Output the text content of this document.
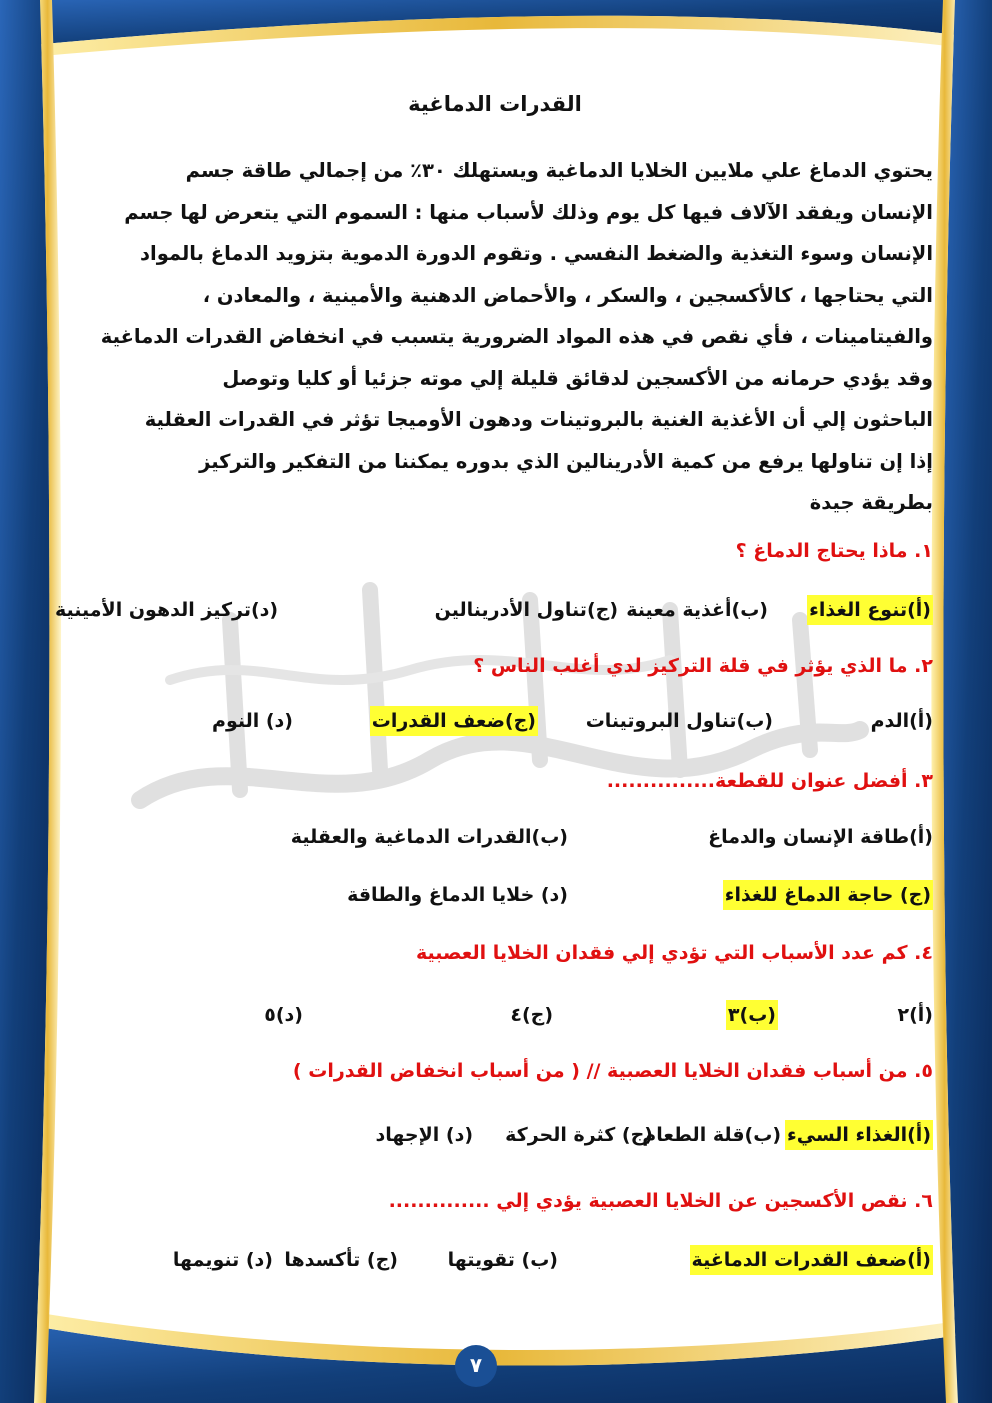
القدرات الدماغية
يحتوي الدماغ علي ملايين الخلايا الدماغية ويستهلك ٣٠٪ من إجمالي طاقة جسم
الإنسان ويفقد الآلاف فيها كل يوم وذلك لأسباب منها : السموم التي يتعرض لها جسم
الإنسان وسوء التغذية والضغط النفسي . وتقوم الدورة الدموية بتزويد الدماغ بالمواد
التي يحتاجها ، كالأكسجين ، والسكر ، والأحماض الدهنية والأمينية ، والمعادن ،
والفيتامينات ، فأي نقص في هذه المواد الضرورية يتسبب في انخفاض القدرات الدماغية
وقد يؤدي حرمانه من الأكسجين لدقائق قليلة إلي موته جزئيا أو كليا وتوصل
الباحثون إلي أن الأغذية الغنية بالبروتينات ودهون الأوميجا تؤثر في القدرات العقلية
إذا إن تناولها يرفع من كمية الأدرينالين الذي بدوره يمكننا من التفكير والتركيز
بطريقة جيدة
١. ماذا يحتاج الدماغ ؟
(أ)تنوع الغذاء
(ب)أغذية معينة
(ج)تناول الأدرينالين
(د)تركيز الدهون الأمينية
٢. ما الذي يؤثر في قلة التركيز لدي أغلب الناس ؟
(أ)الدم
(ب)تناول البروتينات
(ج)ضعف القدرات
(د) النوم
٣. أفضل عنوان للقطعة...............
(أ)طاقة الإنسان والدماغ
(ب)القدرات الدماغية والعقلية
(ج) حاجة الدماغ للغذاء
(د) خلايا الدماغ والطاقة
٤. كم عدد الأسباب التي تؤدي إلي فقدان الخلايا العصبية
(أ)٢
(ب)٣
(ج)٤
(د)٥
٥. من أسباب فقدان الخلايا العصبية // ( من أسباب انخفاض القدرات )
(أ)الغذاء السيء
(ب)قلة الطعام
(ج) كثرة الحركة
(د) الإجهاد
٦. نقص الأكسجين عن الخلايا العصبية يؤدي إلي ..............
(أ)ضعف القدرات الدماغية
(ب) تقويتها
(ج) تأكسدها
(د) تنويمها
٧
